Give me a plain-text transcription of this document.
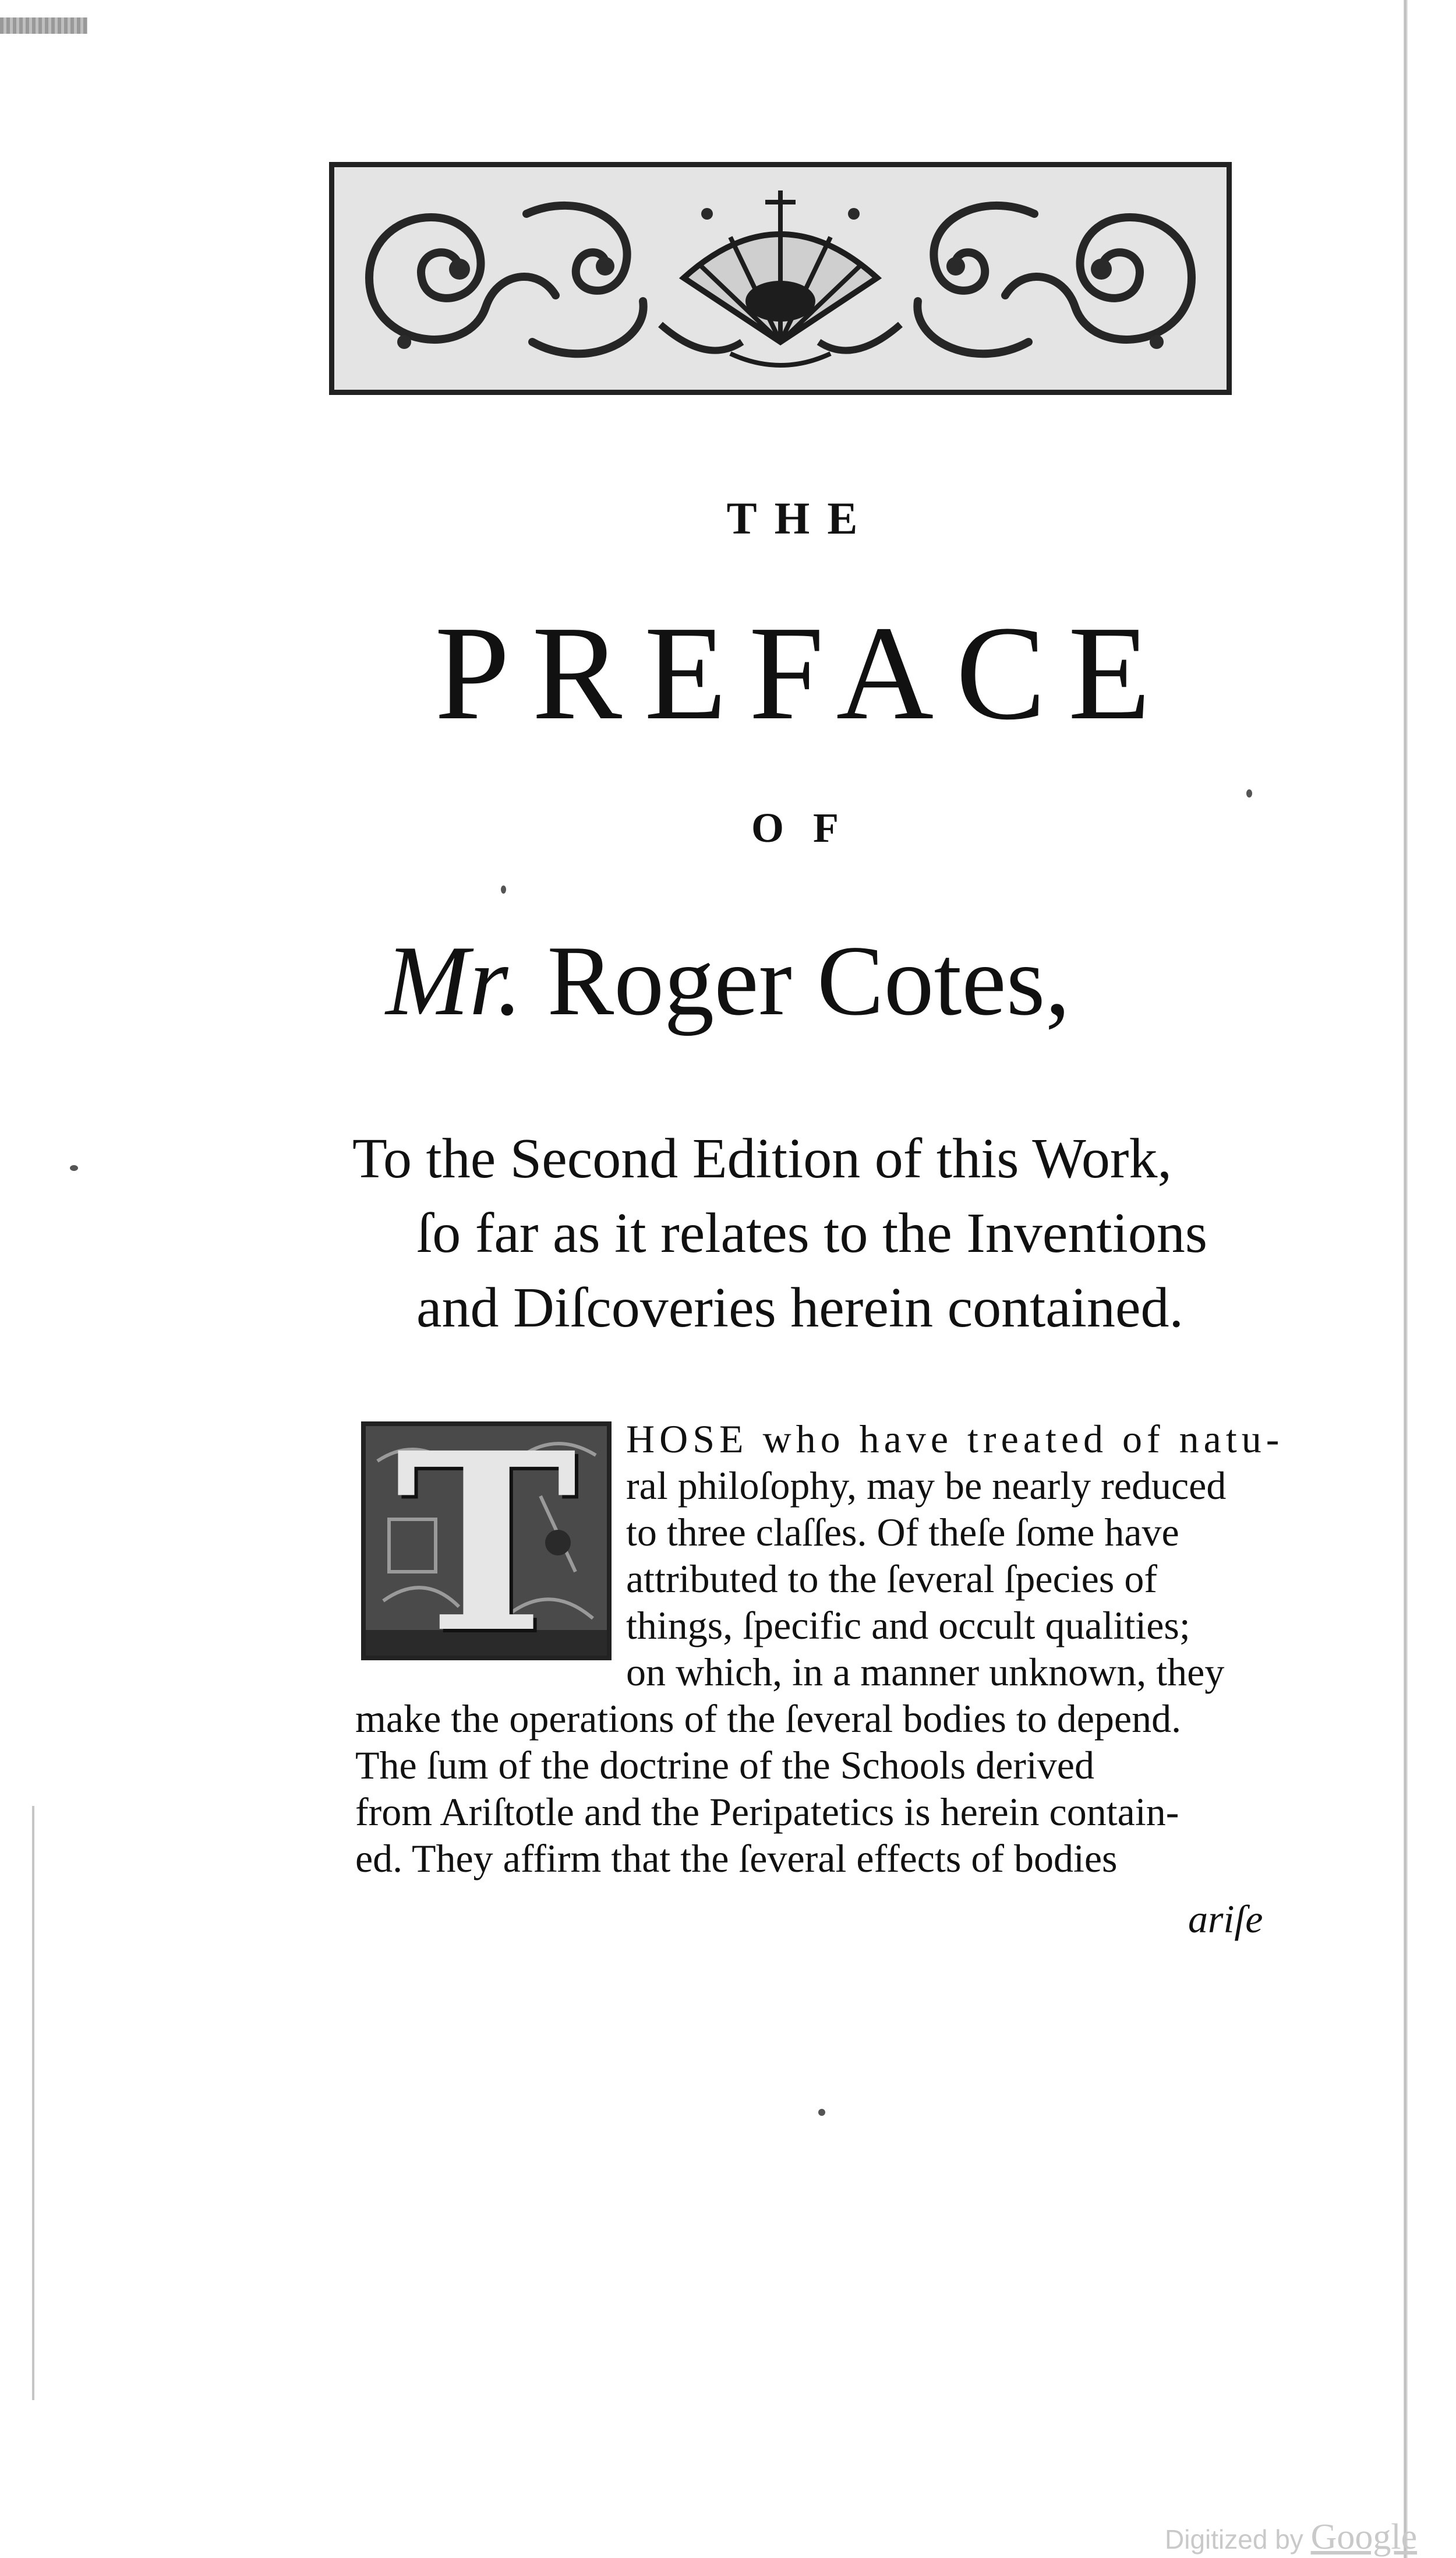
THE
PREFACE
OF
Mr. Roger Cotes,
To the Second Edition of this Work,
ſo far as it relates to the Inventions
and Diſcoveries herein contained.
T	HOSE who have treated of natu-
ral philoſophy, may be nearly reduced
to three claſſes. Of theſe ſome have
attributed to the ſeveral ſpecies of
things, ſpecific and occult qualities;
on which, in a manner unknown, they
make the operations of the ſeveral bodies to depend.
The ſum of the doctrine of the Schools derived
from Ariſtotle and the Peripatetics is herein contain-
ed. They affirm that the ſeveral effects of bodies
ariſe
Digitized by Google
